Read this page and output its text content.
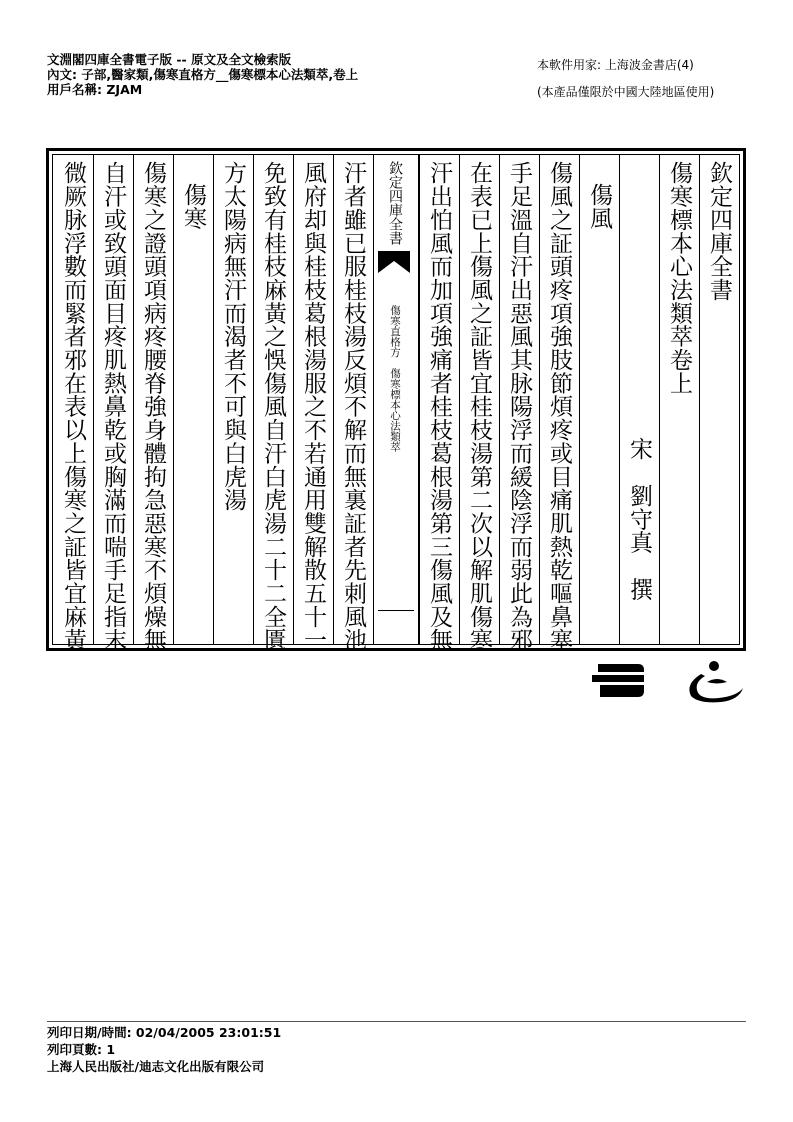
文淵閣四庫全書電子版 -- 原文及全文檢索版
內文: 子部,醫家類,傷寒直格方__傷寒標本心法類萃,卷上
用戶名稱: ZJAM
本軟件用家: 上海波金書店(4)
(本產品僅限於中國大陸地區使用)
欽定四庫全書
傷寒標本心法類萃卷上
宋　劉守真　撰
傷風
傷風之証頭疼項強肢節煩疼或目痛肌熱乾嘔鼻塞
手足溫自汗出惡風其脉陽浮而緩陰浮而弱此為邪
在表已上傷風之証皆宜桂枝湯第二次以解肌傷寒
汗出怕風而加項強痛者桂枝葛根湯第三傷風及無
欽定四庫全書
傷寒直格方　傷寒標本心法類萃
汗者雖已服桂枝湯反煩不解而無裏証者先刺風池
風府却與桂枝葛根湯服之不若通用雙解散五十一
免致有桂枝麻黃之悞傷風自汗白虎湯二十二全匱
方太陽病無汗而渴者不可與白虎湯
傷寒
傷寒之證頭項病疼腰脊強身體拘急惡寒不煩燥無
自汗或致頭面目疼肌熱鼻乾或胸滿而喘手足指末
微厥脉浮數而緊者邪在表以上傷寒之証皆宜麻黃
列印日期/時間: 02/04/2005 23:01:51
列印頁數: 1
上海人民出版社/迪志文化出版有限公司
